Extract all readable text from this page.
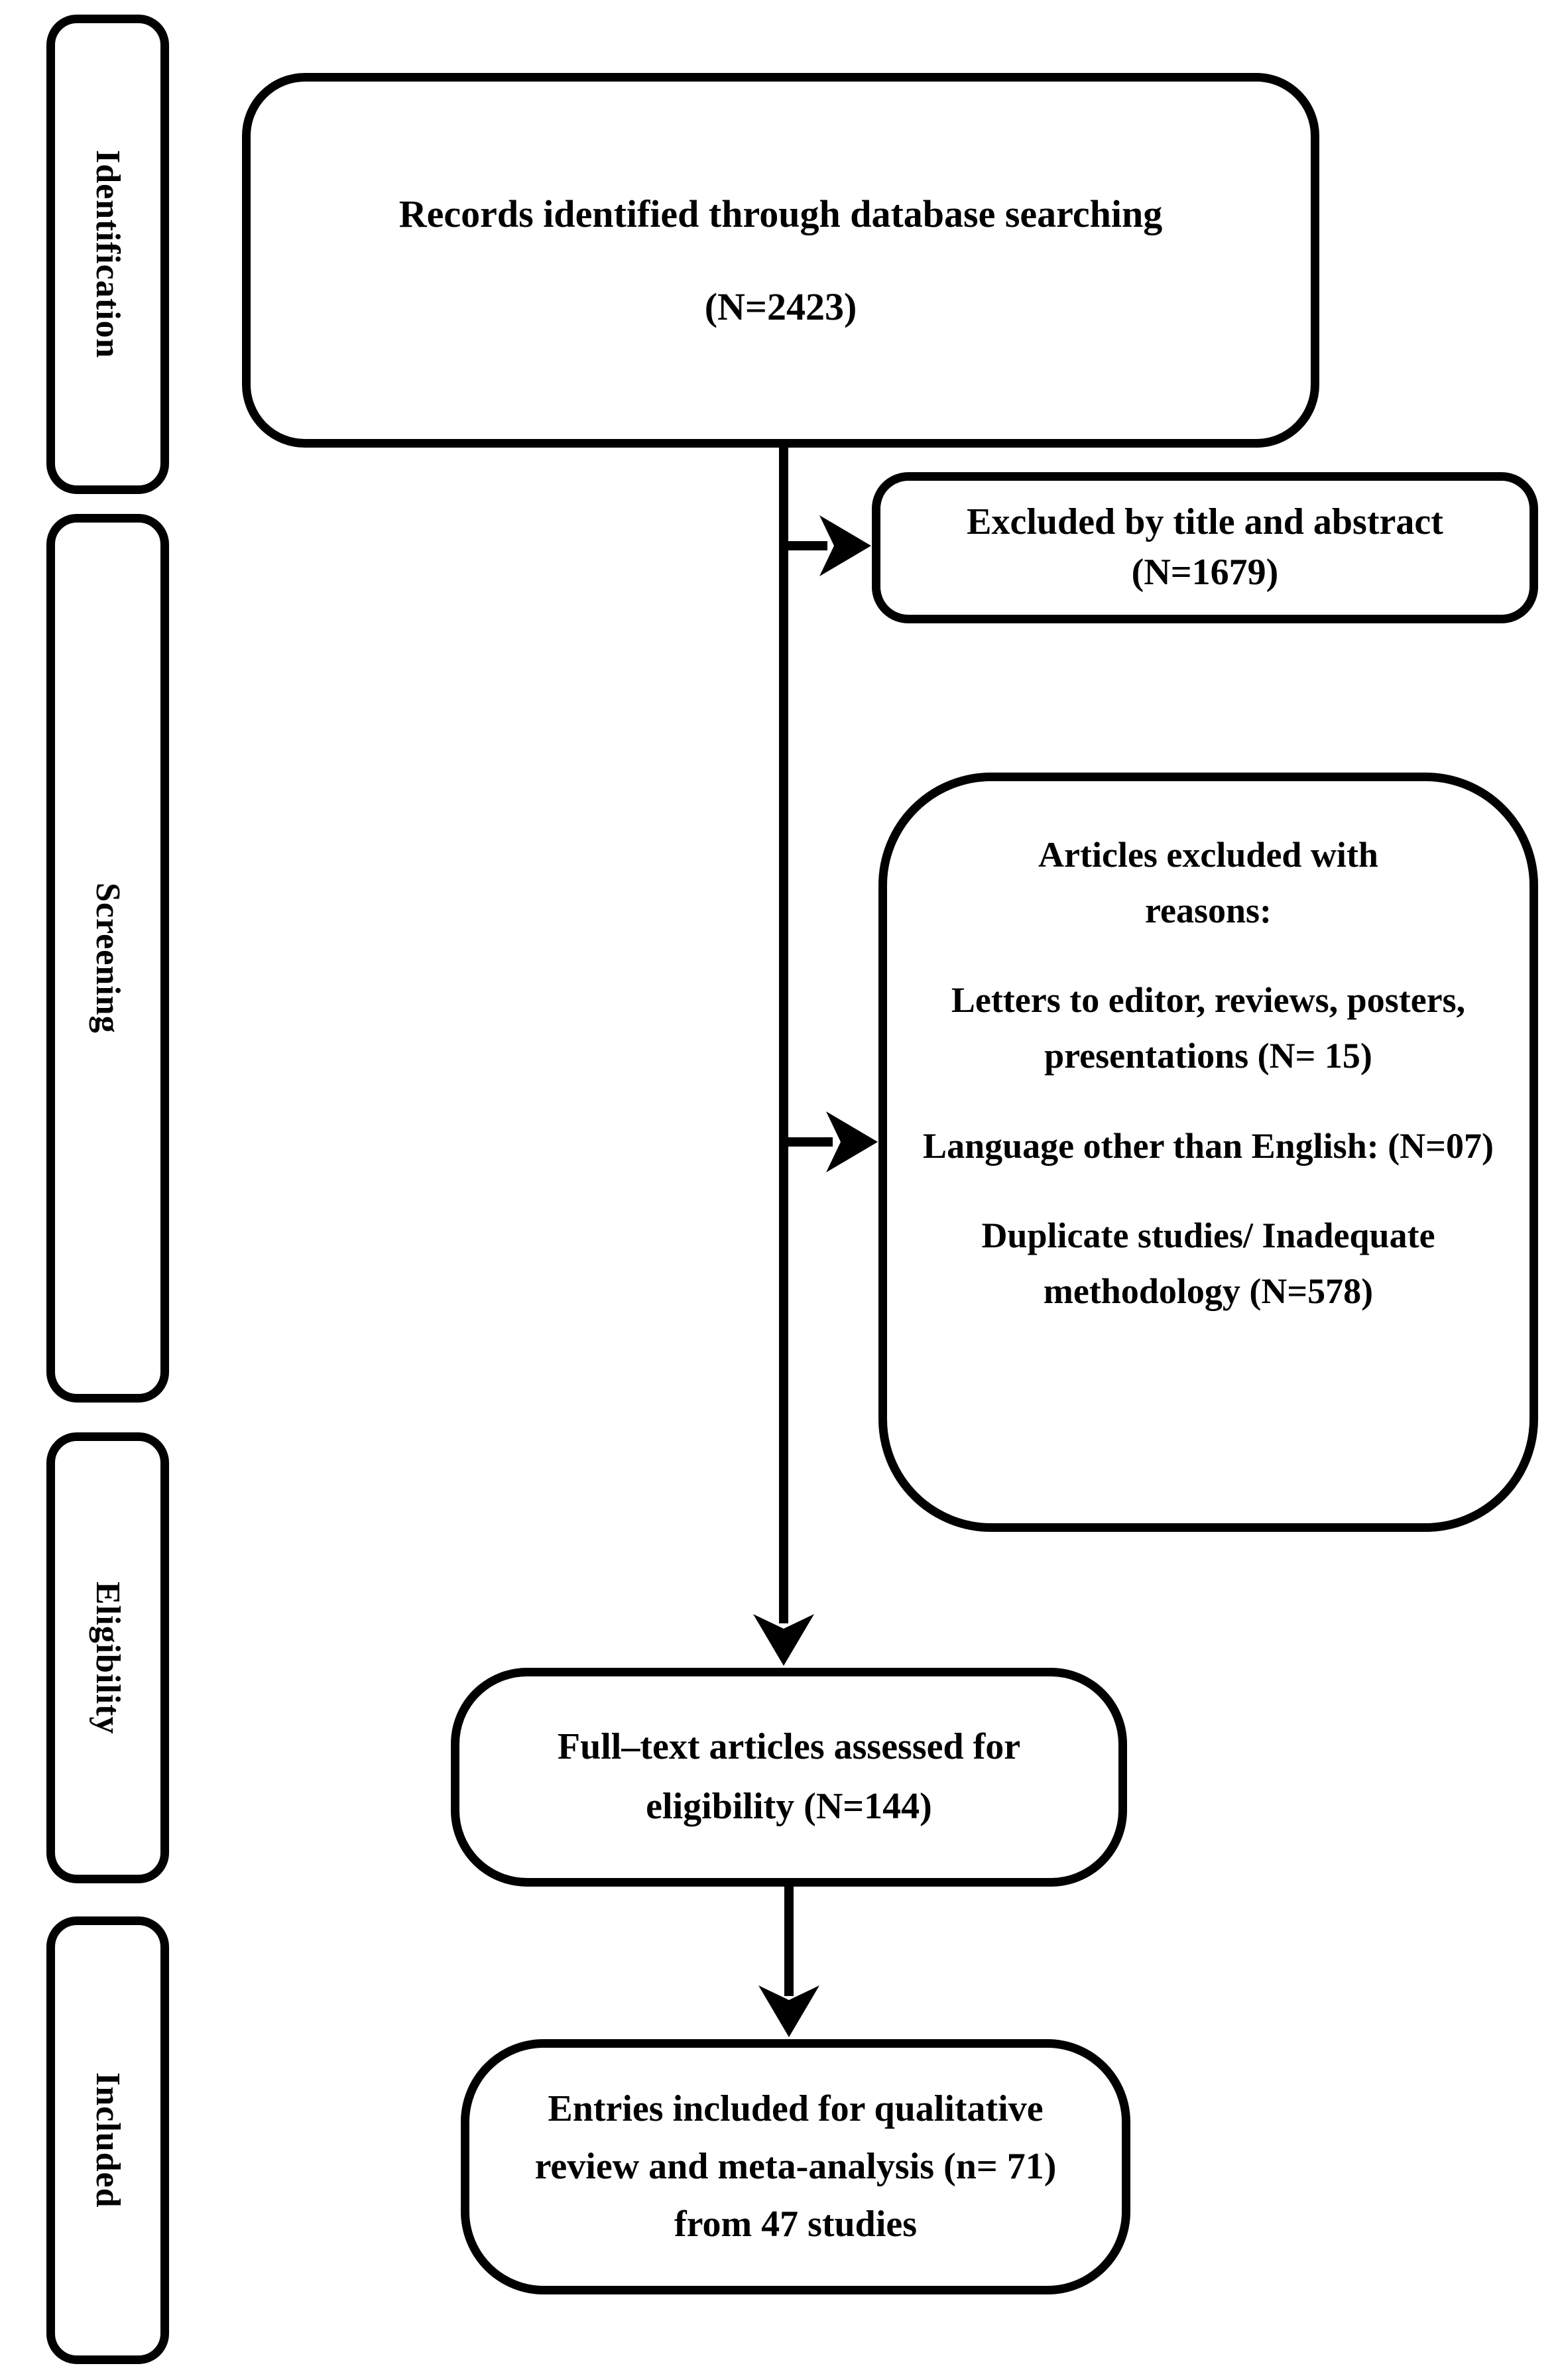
Identification
Screening
Eligibility
Included
Records identified through database searching
(N=2423)
Excluded by title and abstract
(N=1679)
Articles excluded with reasons:
Letters to editor, reviews, posters, presentations (N= 15)
Language other than English: (N=07)
Duplicate studies/ Inadequate methodology (N=578)
Full–text articles assessed for eligibility (N=144)
Entries included for qualitative review and meta-analysis (n= 71) from 47 studies
